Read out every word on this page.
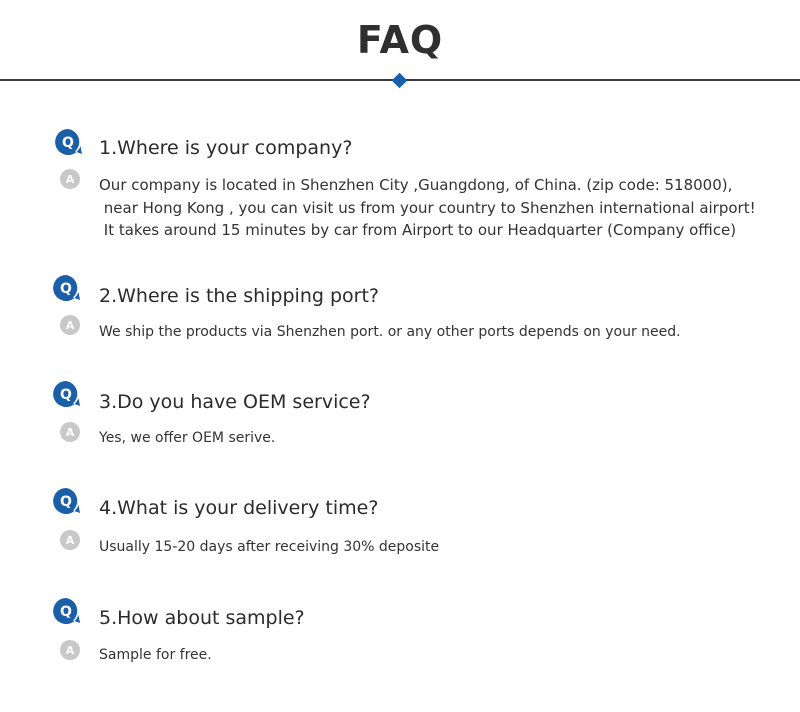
FAQ
Q 1.Where is your company?
A Our company is located in Shenzhen City ,Guangdong, of China. (zip code: 518000),
near Hong Kong , you can visit us from your country to Shenzhen international airport!
It takes around 15 minutes by car from Airport to our Headquarter (Company office)
Q 2.Where is the shipping port?
A We ship the products via Shenzhen port. or any other ports depends on your need.
Q 3.Do you have OEM service?
A Yes, we offer OEM serive.
Q 4.What is your delivery time?
A Usually 15-20 days after receiving 30% deposite
Q 5.How about sample?
A Sample for free.
